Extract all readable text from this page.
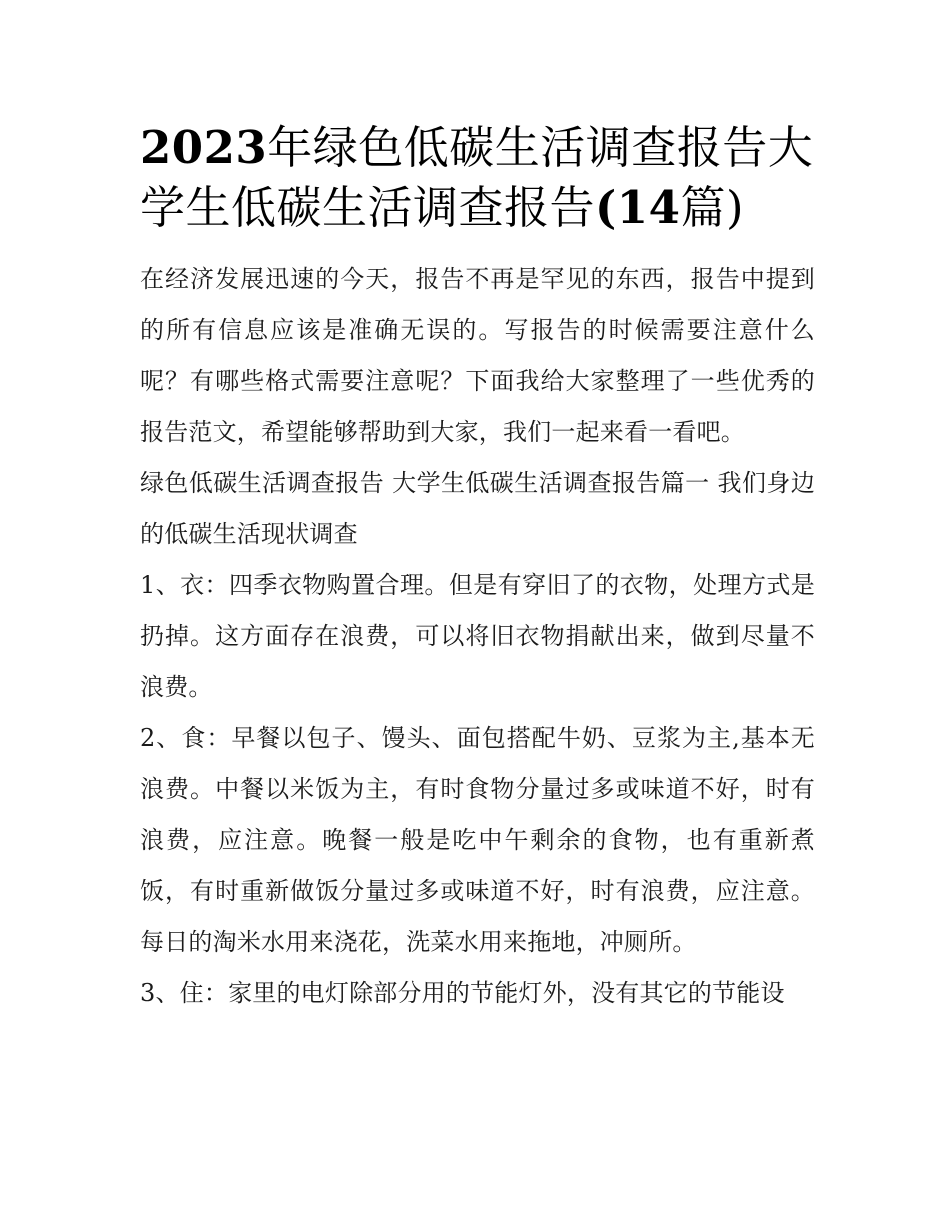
2023年绿色低碳生活调查报告大学生低碳生活调查报告(14篇)

在经济发展迅速的今天，报告不再是罕见的东西，报告中提到的所有信息应该是准确无误的。写报告的时候需要注意什么呢？有哪些格式需要注意呢？下面我给大家整理了一些优秀的报告范文，希望能够帮助到大家，我们一起来看一看吧。

绿色低碳生活调查报告 大学生低碳生活调查报告篇一 我们身边的低碳生活现状调查

1、衣：四季衣物购置合理。但是有穿旧了的衣物，处理方式是扔掉。这方面存在浪费，可以将旧衣物捐献出来，做到尽量不浪费。

2、食：早餐以包子、馒头、面包搭配牛奶、豆浆为主,基本无浪费。中餐以米饭为主，有时食物分量过多或味道不好，时有浪费，应注意。晚餐一般是吃中午剩余的食物，也有重新煮饭，有时重新做饭分量过多或味道不好，时有浪费，应注意。每日的淘米水用来浇花，洗菜水用来拖地，冲厕所。

3、住：家里的电灯除部分用的节能灯外，没有其它的节能设
